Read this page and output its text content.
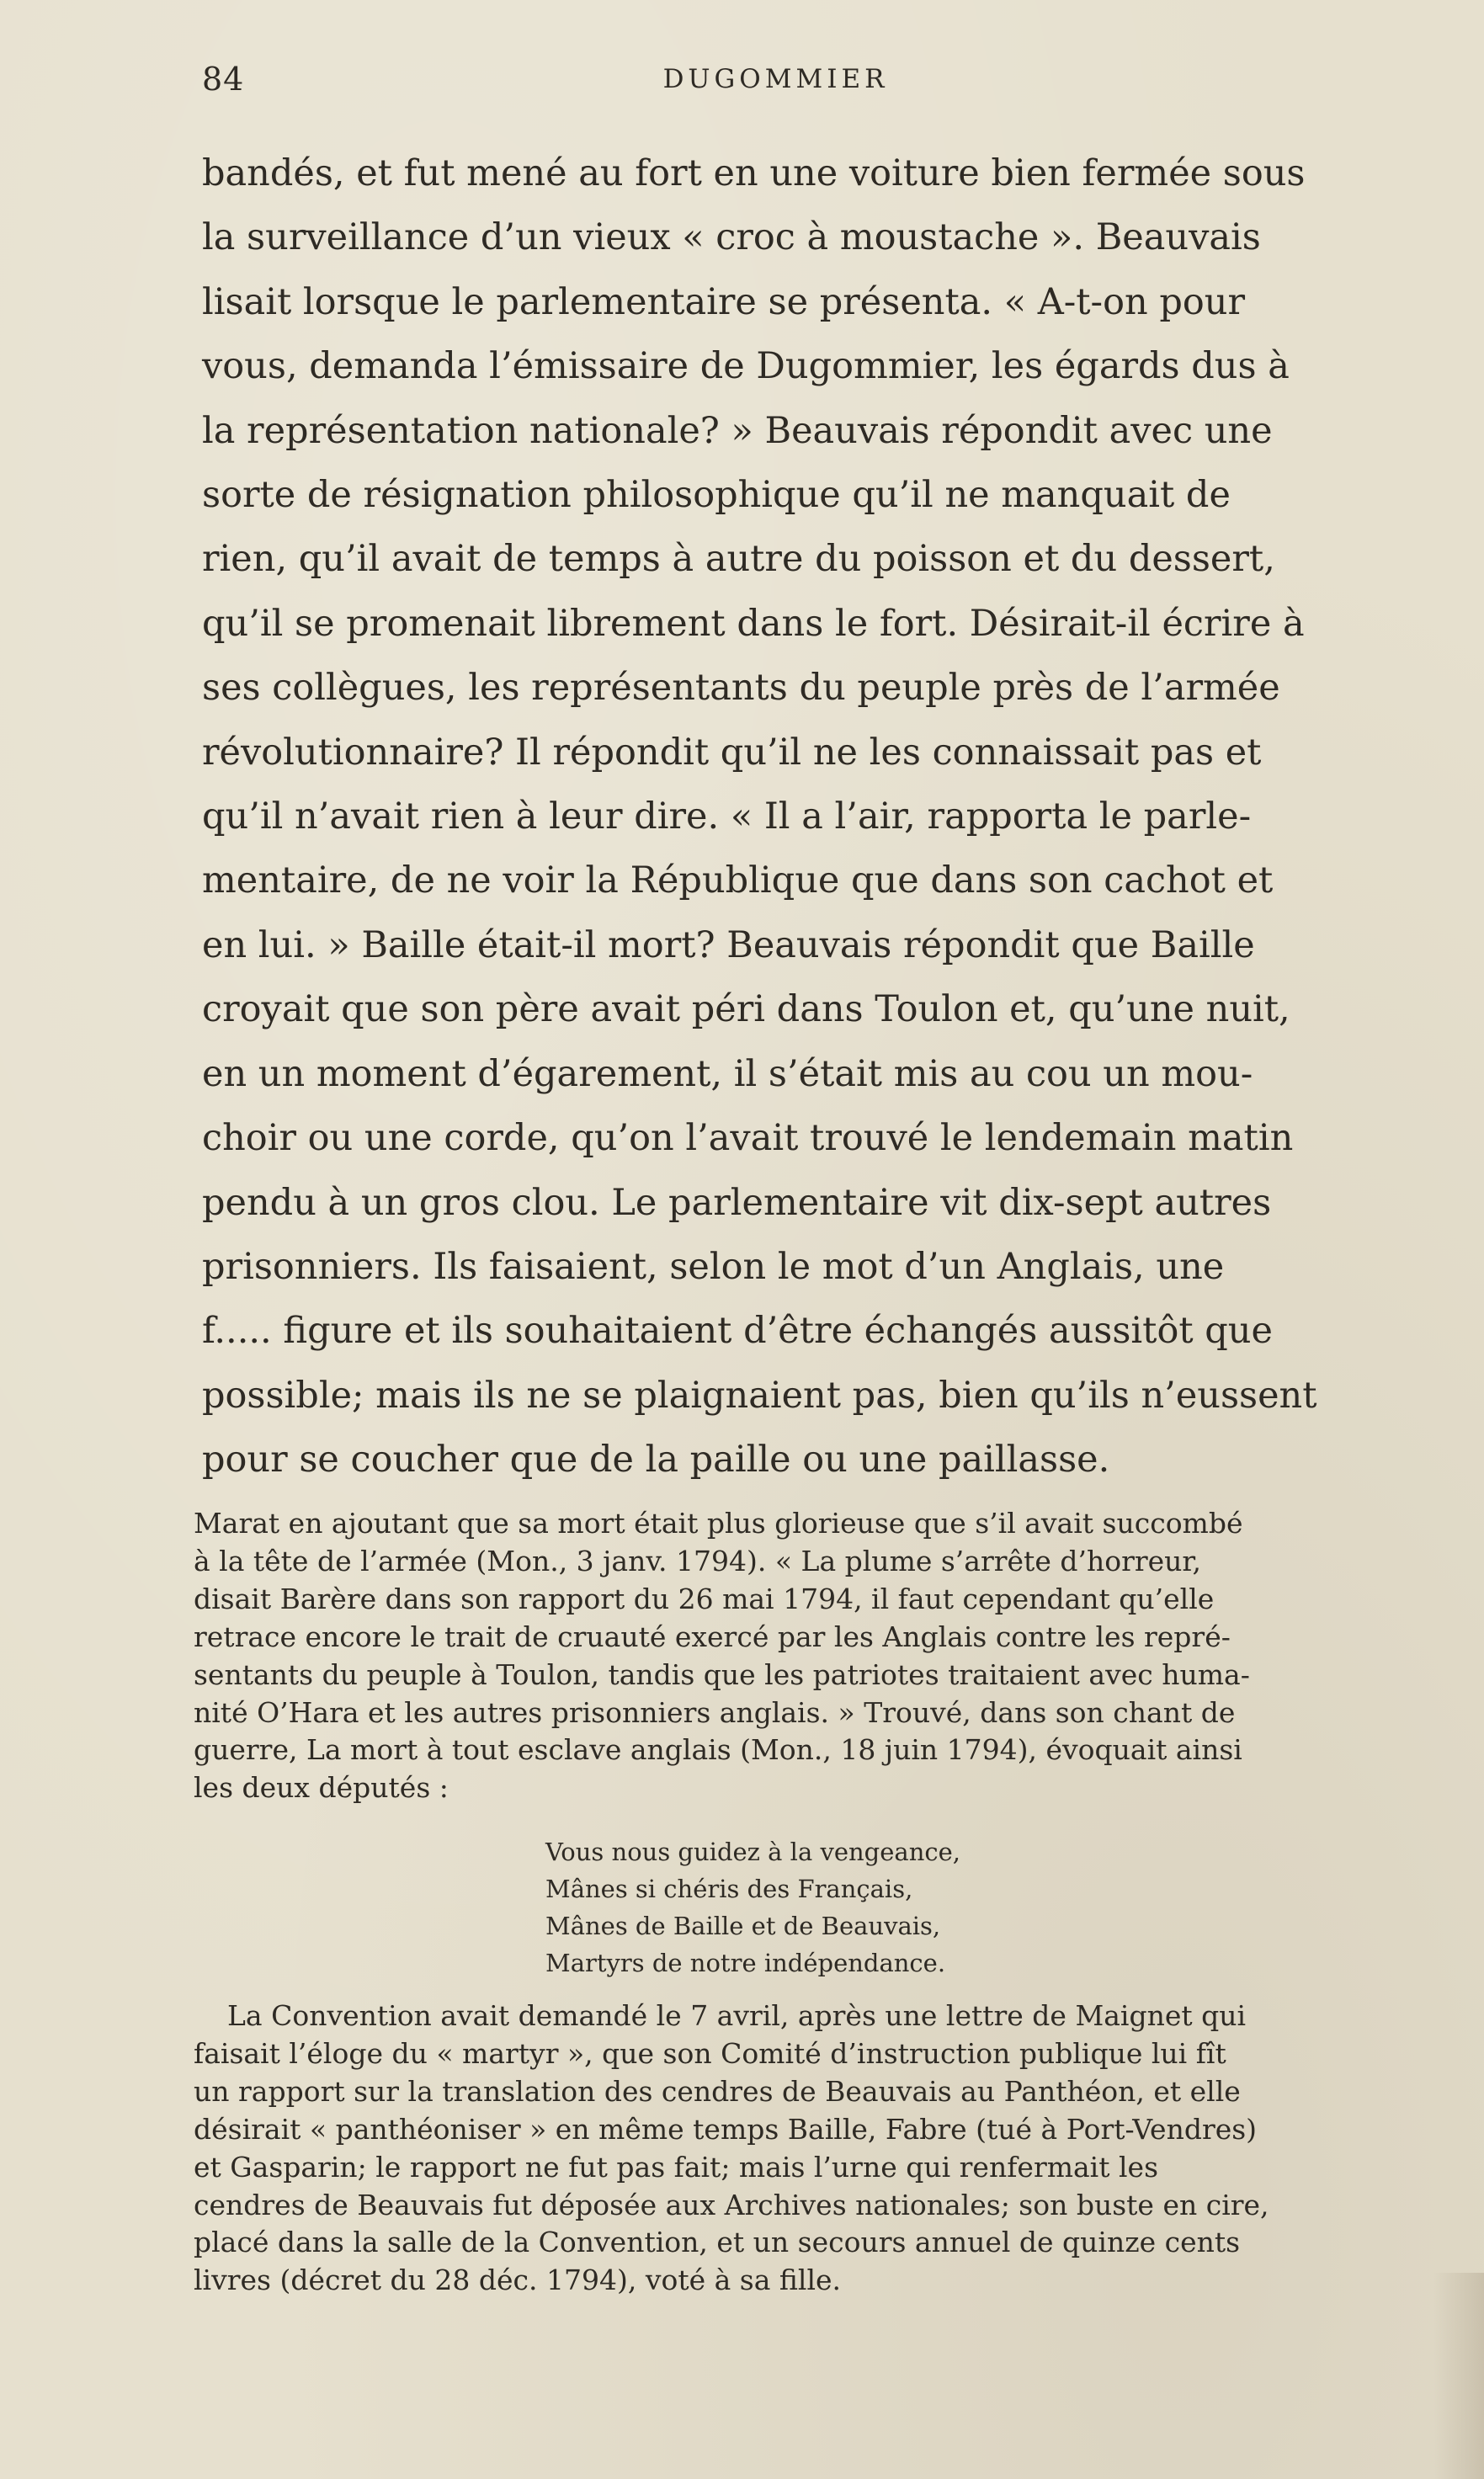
84	DUGOMMIER

bandés, et fut mené au fort en une voiture bien fermée sous
la surveillance d’un vieux « croc à moustache ». Beauvais
lisait lorsque le parlementaire se présenta. « A-t-on pour
vous, demanda l’émissaire de Dugommier, les égards dus à
la représentation nationale? » Beauvais répondit avec une
sorte de résignation philosophique qu’il ne manquait de
rien, qu’il avait de temps à autre du poisson et du dessert,
qu’il se promenait librement dans le fort. Désirait-il écrire à
ses collègues, les représentants du peuple près de l’armée
révolutionnaire? Il répondit qu’il ne les connaissait pas et
qu’il n’avait rien à leur dire. « Il a l’air, rapporta le parle-
mentaire, de ne voir la République que dans son cachot et
en lui. » Baille était-il mort? Beauvais répondit que Baille
croyait que son père avait péri dans Toulon et, qu’une nuit,
en un moment d’égarement, il s’était mis au cou un mou-
choir ou une corde, qu’on l’avait trouvé le lendemain matin
pendu à un gros clou. Le parlementaire vit dix-sept autres
prisonniers. Ils faisaient, selon le mot d’un Anglais, une
f..... figure et ils souhaitaient d’être échangés aussitôt que
possible; mais ils ne se plaignaient pas, bien qu’ils n’eussent
pour se coucher que de la paille ou une paillasse.

Marat en ajoutant que sa mort était plus glorieuse que s’il avait succombé
à la tête de l’armée (Mon., 3 janv. 1794). « La plume s’arrête d’horreur,
disait Barère dans son rapport du 26 mai 1794, il faut cependant qu’elle
retrace encore le trait de cruauté exercé par les Anglais contre les repré-
sentants du peuple à Toulon, tandis que les patriotes traitaient avec huma-
nité O’Hara et les autres prisonniers anglais. » Trouvé, dans son chant de
guerre, La mort à tout esclave anglais (Mon., 18 juin 1794), évoquait ainsi
les deux députés :

Vous nous guidez à la vengeance,
Mânes si chéris des Français,
Mânes de Baille et de Beauvais,
Martyrs de notre indépendance.

La Convention avait demandé le 7 avril, après une lettre de Maignet qui
faisait l’éloge du « martyr », que son Comité d’instruction publique lui fît
un rapport sur la translation des cendres de Beauvais au Panthéon, et elle
désirait « panthéoniser » en même temps Baille, Fabre (tué à Port-Vendres)
et Gasparin; le rapport ne fut pas fait; mais l’urne qui renfermait les
cendres de Beauvais fut déposée aux Archives nationales; son buste en cire,
placé dans la salle de la Convention, et un secours annuel de quinze cents
livres (décret du 28 déc. 1794), voté à sa fille.
